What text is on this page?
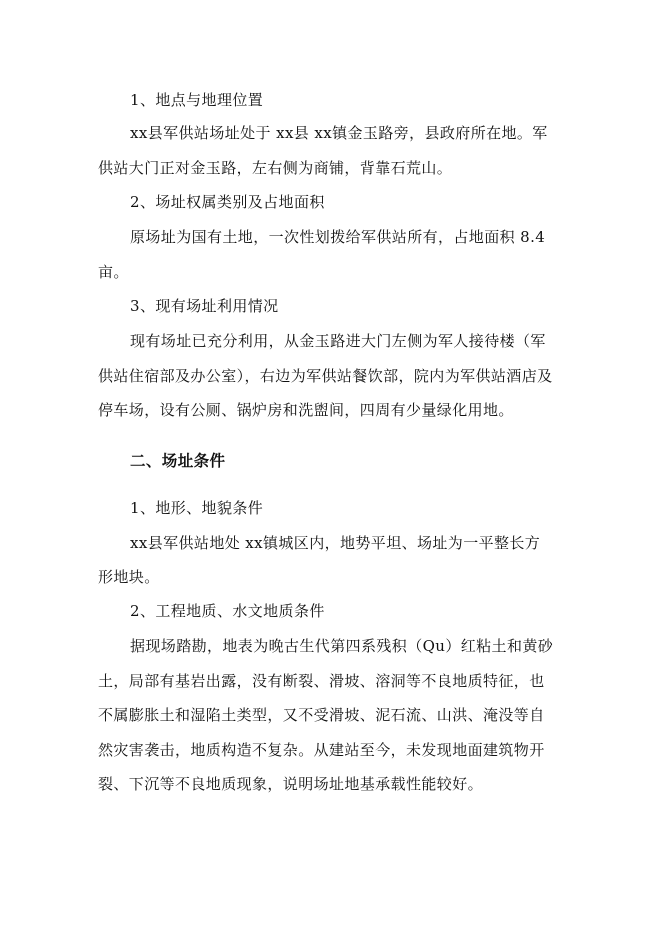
1、地点与地理位置
xx县军供站场址处于 xx县 xx镇金玉路旁，县政府所在地。军
供站大门正对金玉路，左右侧为商铺，背靠石荒山。
2、场址权属类别及占地面积
原场址为国有土地，一次性划拨给军供站所有，占地面积 8.4
亩。
3、现有场址利用情况
现有场址已充分利用，从金玉路进大门左侧为军人接待楼（军
供站住宿部及办公室），右边为军供站餐饮部，院内为军供站酒店及
停车场，设有公厕、锅炉房和洗盥间，四周有少量绿化用地。
二、场址条件
1、地形、地貌条件
xx县军供站地处 xx镇城区内，地势平坦、场址为一平整长方
形地块。
2、工程地质、水文地质条件
据现场踏勘，地表为晚古生代第四系残积（Qu）红粘土和黄砂
土，局部有基岩出露，没有断裂、滑坡、溶洞等不良地质特征，也
不属膨胀土和湿陷土类型，又不受滑坡、泥石流、山洪、淹没等自
然灾害袭击，地质构造不复杂。从建站至今，未发现地面建筑物开
裂、下沉等不良地质现象，说明场址地基承载性能较好。
